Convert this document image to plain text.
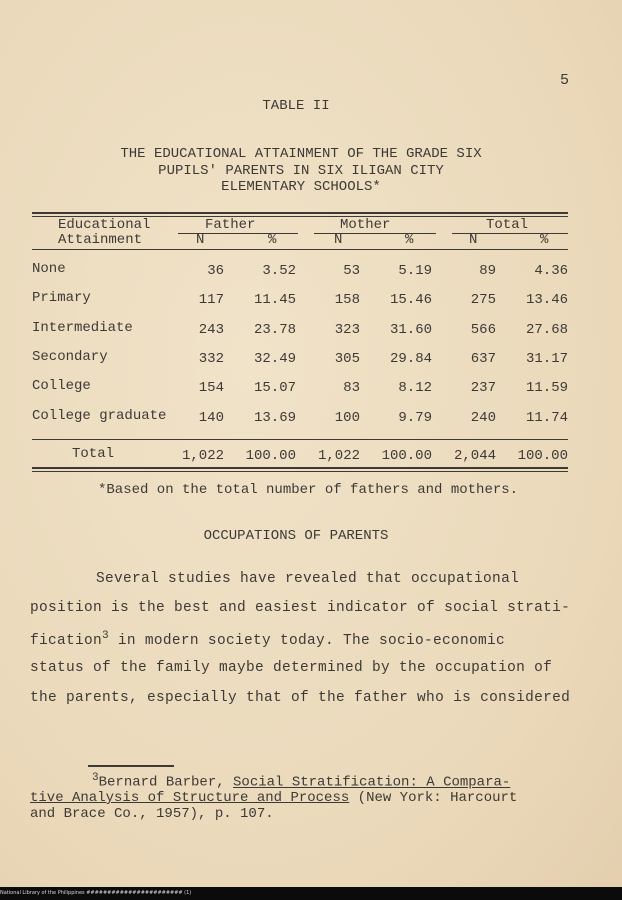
5
TABLE II
THE EDUCATIONAL ATTAINMENT OF THE GRADE SIX
PUPILS' PARENTS IN SIX ILIGAN CITY
ELEMENTARY SCHOOLS*
Educational
Attainment
Father	Mother	Total
N	%	N	%	N	%
None	36	3.52	53	5.19	89	4.36
Primary	117	11.45	158	15.46	275	13.46
Intermediate	243	23.78	323	31.60	566	27.68
Secondary	332	32.49	305	29.84	637	31.17
College	154	15.07	83	8.12	237	11.59
College graduate	140	13.69	100	9.79	240	11.74
Total	1,022	100.00	1,022	100.00	2,044	100.00
*Based on the total number of fathers and mothers.
OCCUPATIONS OF PARENTS
Several studies have revealed that occupational
position is the best and easiest indicator of social strati-
fication$^3$ in modern society today. The socio-economic
status of the family maybe determined by the occupation of
the parents, especially that of the father who is considered
$^3$Bernard Barber, Social Stratification: A Compara-
tive Analysis of Structure and Process (New York: Harcourt
and Brace Co., 1957), p. 107.
National Library of the Philippines ####################### (1)
